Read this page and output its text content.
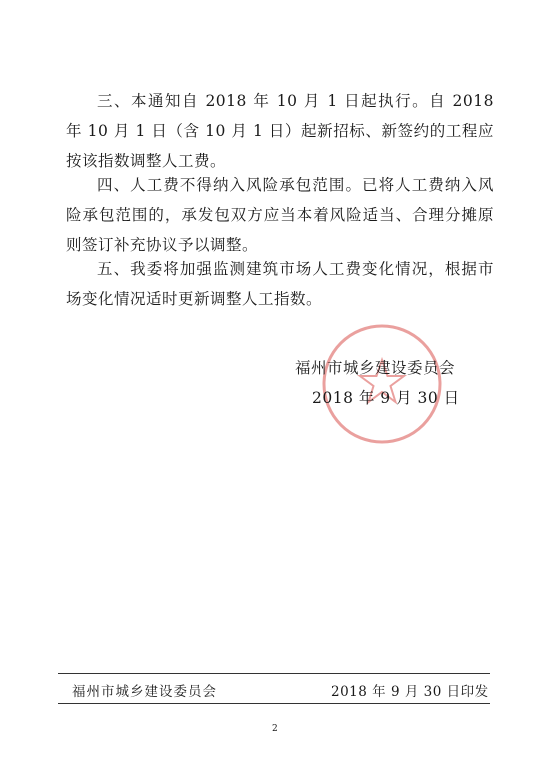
三、本通知自 2018 年 10 月 1 日起执行。自 2018 年 10 月 1 日（含 10 月 1 日）起新招标、新签约的工程应按该指数调整人工费。

四、人工费不得纳入风险承包范围。已将人工费纳入风险承包范围的，承发包双方应当本着风险适当、合理分摊原则签订补充协议予以调整。

五、我委将加强监测建筑市场人工费变化情况，根据市场变化情况适时更新调整人工指数。

福州市城乡建设委员会

2018 年 9 月 30 日

福州市城乡建设委员会	2018 年 9 月 30 日印发

2
